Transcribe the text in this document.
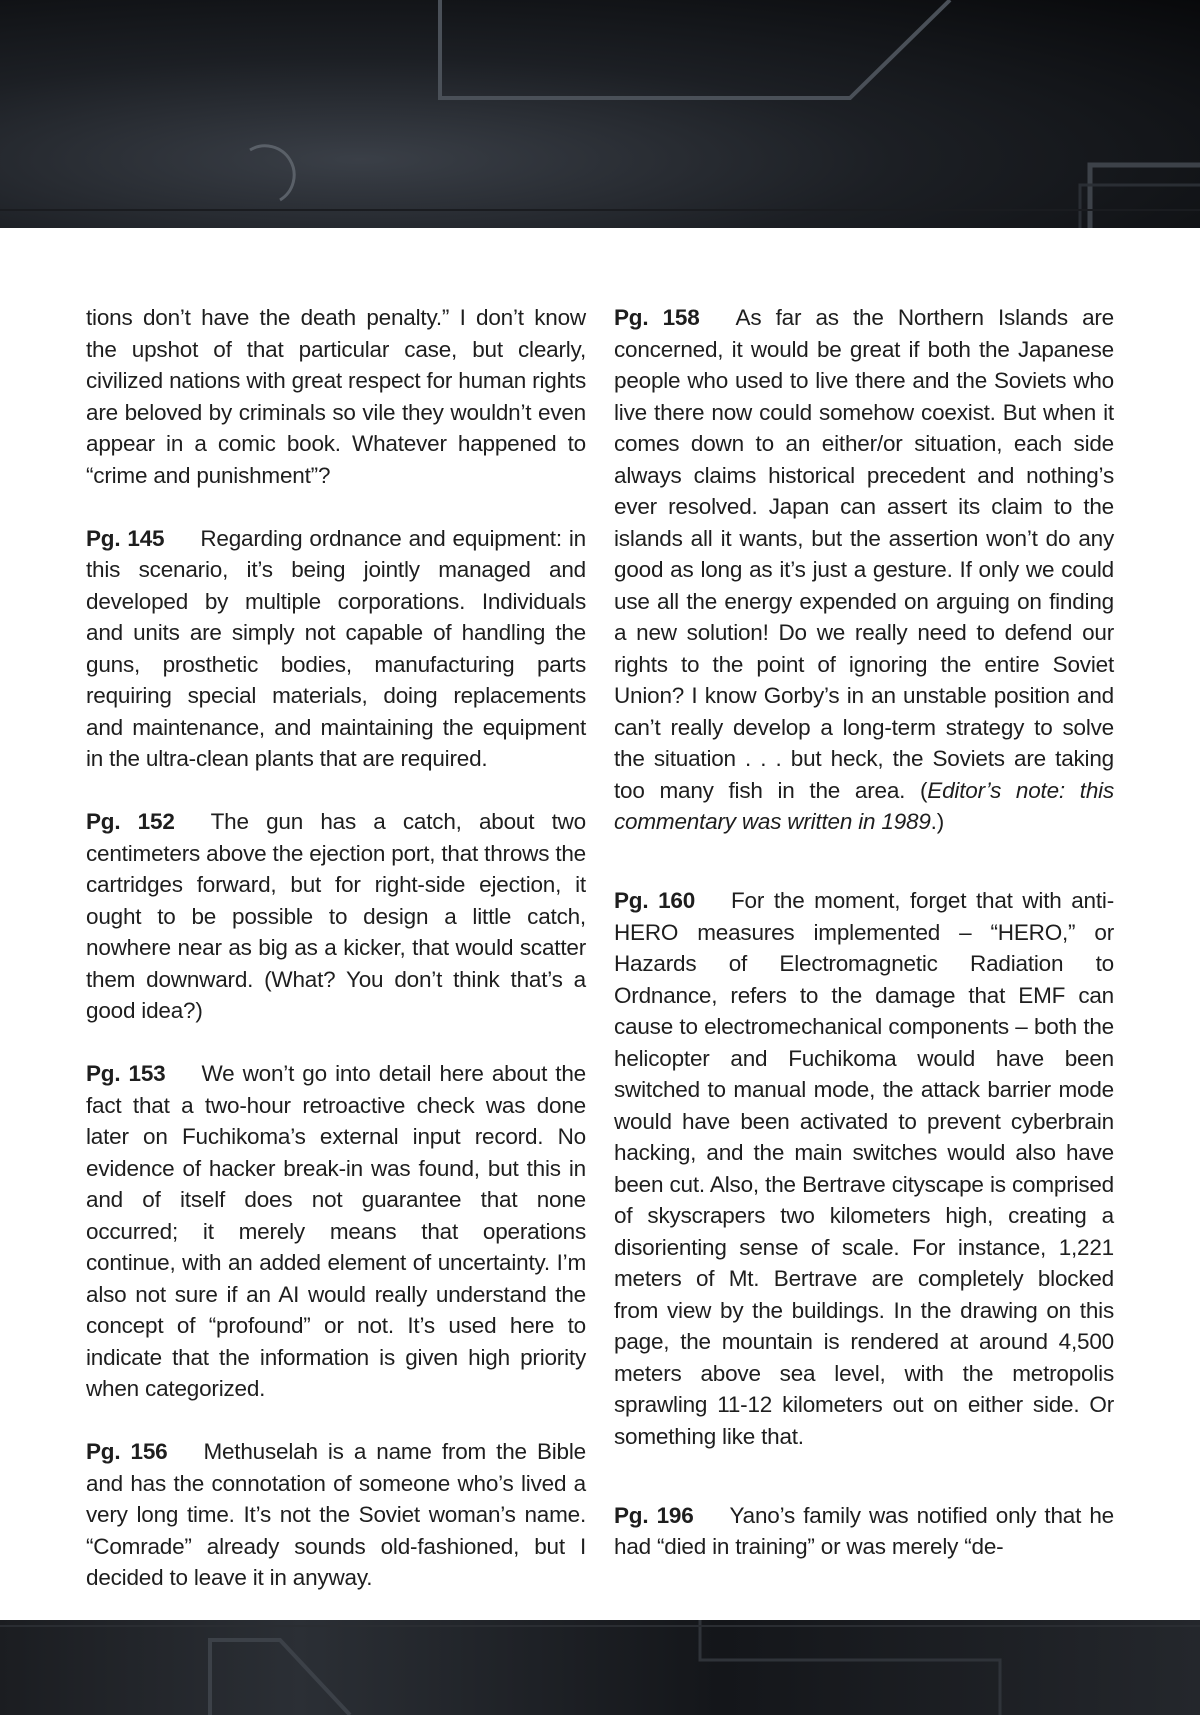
tions don’t have the death penalty.” I don’t know the upshot of that particular case, but clearly, civilized nations with great respect for human rights are beloved by criminals so vile they wouldn’t even appear in a comic book. Whatever happened to “crime and punishment”?

Pg. 145 Regarding ordnance and equipment: in this scenario, it’s being jointly managed and developed by multiple corporations. Individuals and units are simply not capable of handling the guns, prosthetic bodies, manufacturing parts requiring special materials, doing replacements and maintenance, and maintaining the equipment in the ultra-clean plants that are required.

Pg. 152 The gun has a catch, about two centimeters above the ejection port, that throws the cartridges forward, but for right-side ejection, it ought to be possible to design a little catch, nowhere near as big as a kicker, that would scatter them downward. (What? You don’t think that’s a good idea?)

Pg. 153 We won’t go into detail here about the fact that a two-hour retroactive check was done later on Fuchikoma’s external input record. No evidence of hacker break-in was found, but this in and of itself does not guarantee that none occurred; it merely means that operations continue, with an added element of uncertainty. I’m also not sure if an AI would really understand the concept of “profound” or not. It’s used here to indicate that the information is given high priority when categorized.

Pg. 156 Methuselah is a name from the Bible and has the connotation of someone who’s lived a very long time. It’s not the Soviet woman’s name. “Comrade” already sounds old-fashioned, but I decided to leave it in anyway.

Pg. 158 As far as the Northern Islands are concerned, it would be great if both the Japanese people who used to live there and the Soviets who live there now could somehow coexist. But when it comes down to an either/or situation, each side always claims historical precedent and nothing’s ever resolved. Japan can assert its claim to the islands all it wants, but the assertion won’t do any good as long as it’s just a gesture. If only we could use all the energy expended on arguing on finding a new solution! Do we really need to defend our rights to the point of ignoring the entire Soviet Union? I know Gorby’s in an unstable position and can’t really develop a long-term strategy to solve the situation . . . but heck, the Soviets are taking too many fish in the area. (Editor’s note: this commentary was written in 1989.)

Pg. 160 For the moment, forget that with anti-HERO measures implemented – “HERO,” or Hazards of Electromagnetic Radiation to Ordnance, refers to the damage that EMF can cause to electromechanical components – both the helicopter and Fuchikoma would have been switched to manual mode, the attack barrier mode would have been activated to prevent cyberbrain hacking, and the main switches would also have been cut. Also, the Bertrave cityscape is comprised of skyscrapers two kilometers high, creating a disorienting sense of scale. For instance, 1,221 meters of Mt. Bertrave are completely blocked from view by the buildings. In the drawing on this page, the mountain is rendered at around 4,500 meters above sea level, with the metropolis sprawling 11-12 kilometers out on either side. Or something like that.

Pg. 196 Yano’s family was notified only that he had “died in training” or was merely “de-
